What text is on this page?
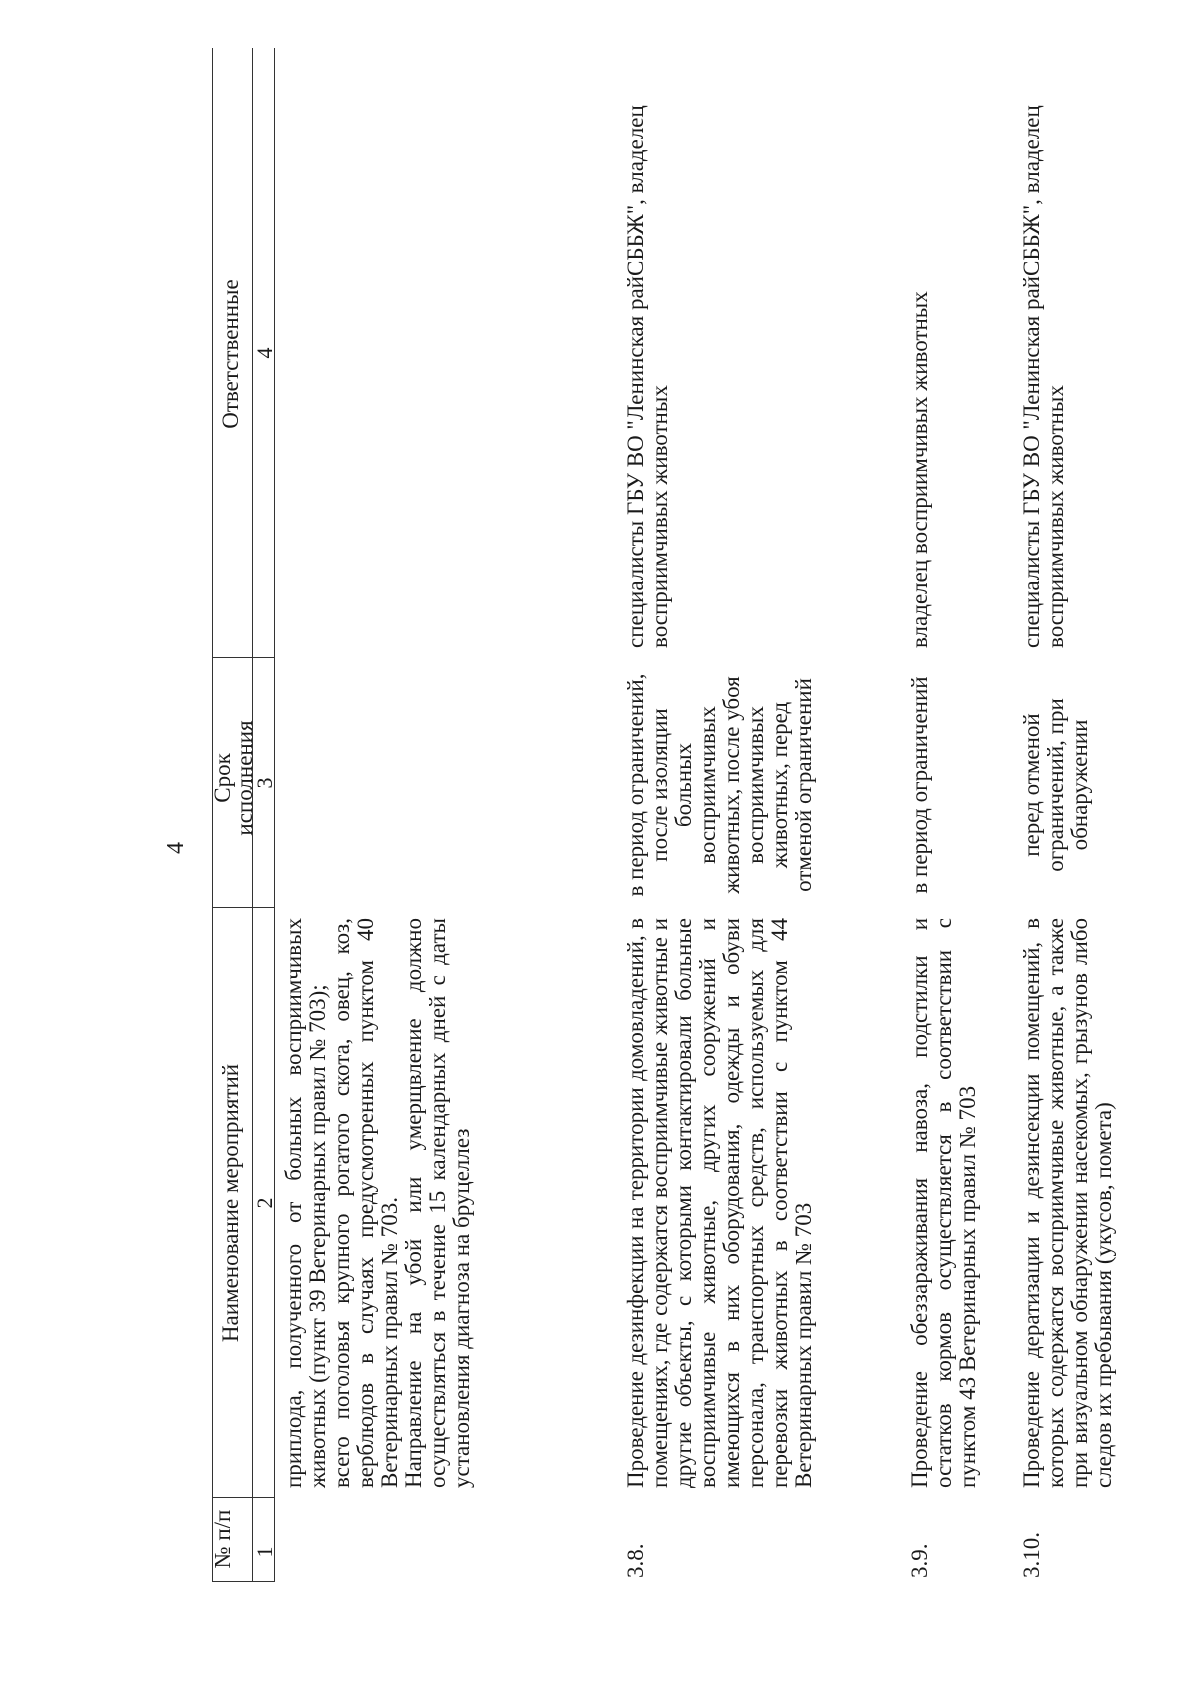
4
№ п/п
Наименование мероприятий
Срок исполнения
Ответственные
1
2
3
4

приплода, полученного от больных восприимчивых животных (пункт 39 Ветеринарных правил № 703); всего поголовья крупного рогатого скота, овец, коз, верблюдов в случаях предусмотренных пунктом 40 Ветеринарных правил № 703. Направление на убой или умерщвление должно осуществляться в течение 15 календарных дней с даты установления диагноза на бруцеллез

3.8.
Проведение дезинфекции на территории домовладений, в помещениях, где содержатся восприимчивые животные и другие объекты, с которыми контактировали больные восприимчивые животные, других сооружений и имеющихся в них оборудования, одежды и обуви персонала, транспортных средств, используемых для перевозки животных в соответствии с пунктом 44 Ветеринарных правил № 703
в период ограничений, после изоляции больных восприимчивых животных, после убоя восприимчивых животных, перед отменой ограничений
специалисты ГБУ ВО "Ленинская райСББЖ", владелец восприимчивых животных
3.9.
Проведение обеззараживания навоза, подстилки и остатков кормов осуществляется в соответствии с пунктом 43 Ветеринарных правил № 703
в период ограничений
владелец восприимчивых животных
3.10.
Проведение дератизации и дезинсекции помещений, в которых содержатся восприимчивые животные, а также при визуальном обнаружении насекомых, грызунов либо следов их пребывания (укусов, помета)
перед отменой ограничений, при обнаружении
специалисты ГБУ ВО "Ленинская райСББЖ", владелец восприимчивых животных
